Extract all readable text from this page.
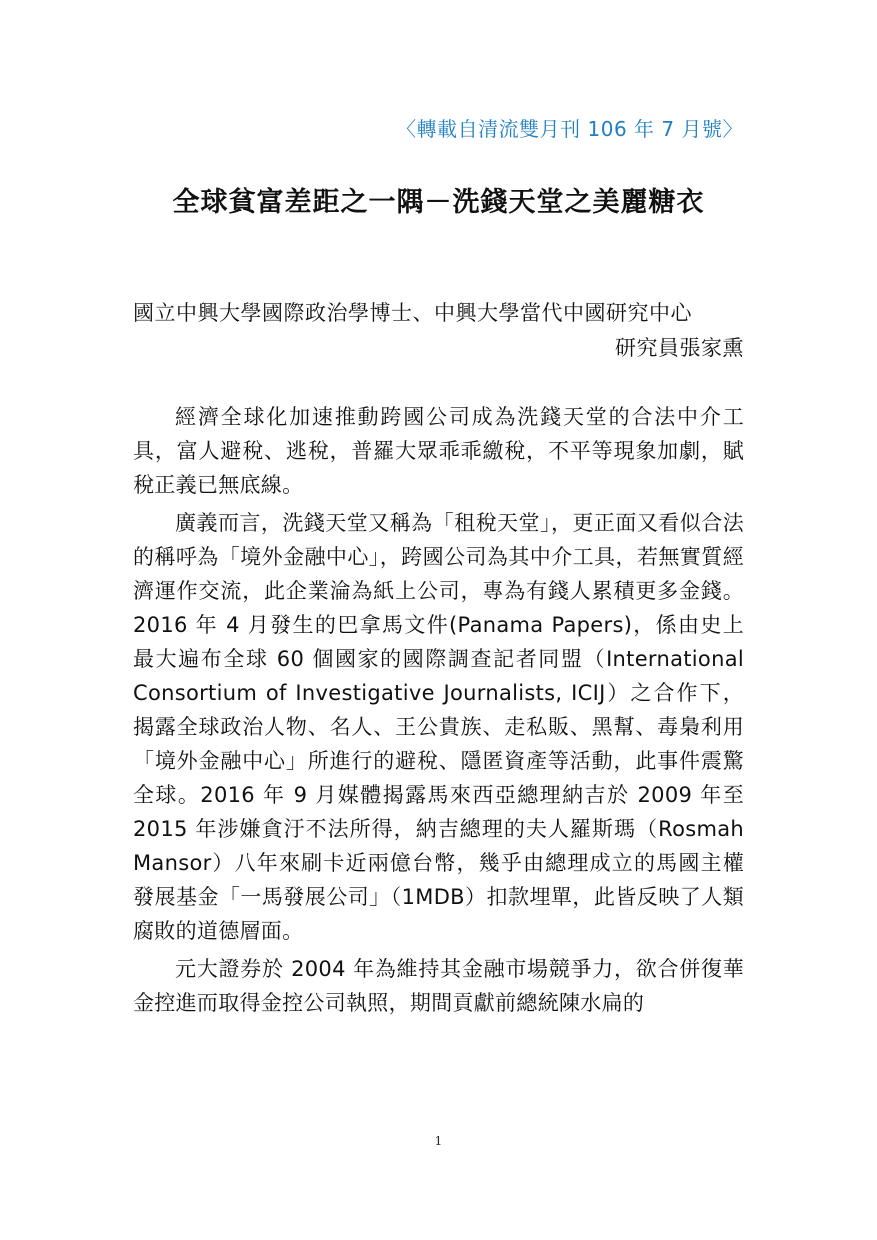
〈轉載自清流雙月刊 106 年 7 月號〉
全球貧富差距之一隅－洗錢天堂之美麗糖衣
國立中興大學國際政治學博士、中興大學當代中國研究中心
研究員張家熏

經濟全球化加速推動跨國公司成為洗錢天堂的合法中介工具，富人避稅、逃稅，普羅大眾乖乖繳稅，不平等現象加劇，賦稅正義已無底線。

廣義而言，洗錢天堂又稱為「租稅天堂」，更正面又看似合法的稱呼為「境外金融中心」，跨國公司為其中介工具，若無實質經濟運作交流，此企業淪為紙上公司，專為有錢人累積更多金錢。2016 年 4 月發生的巴拿馬文件(Panama Papers)，係由史上最大遍布全球 60 個國家的國際調查記者同盟（International Consortium of Investigative Journalists, ICIJ）之合作下，揭露全球政治人物、名人、王公貴族、走私販、黑幫、毒梟利用「境外金融中心」所進行的避稅、隱匿資產等活動，此事件震驚全球。2016 年 9 月媒體揭露馬來西亞總理納吉於 2009 年至 2015 年涉嫌貪汙不法所得，納吉總理的夫人羅斯瑪（Rosmah Mansor）八年來刷卡近兩億台幣，幾乎由總理成立的馬國主權發展基金「一馬發展公司」（1MDB）扣款埋單，此皆反映了人類腐敗的道德層面。

元大證券於 2004 年為維持其金融市場競爭力，欲合併復華金控進而取得金控公司執照，期間貢獻前總統陳水扁的

1
